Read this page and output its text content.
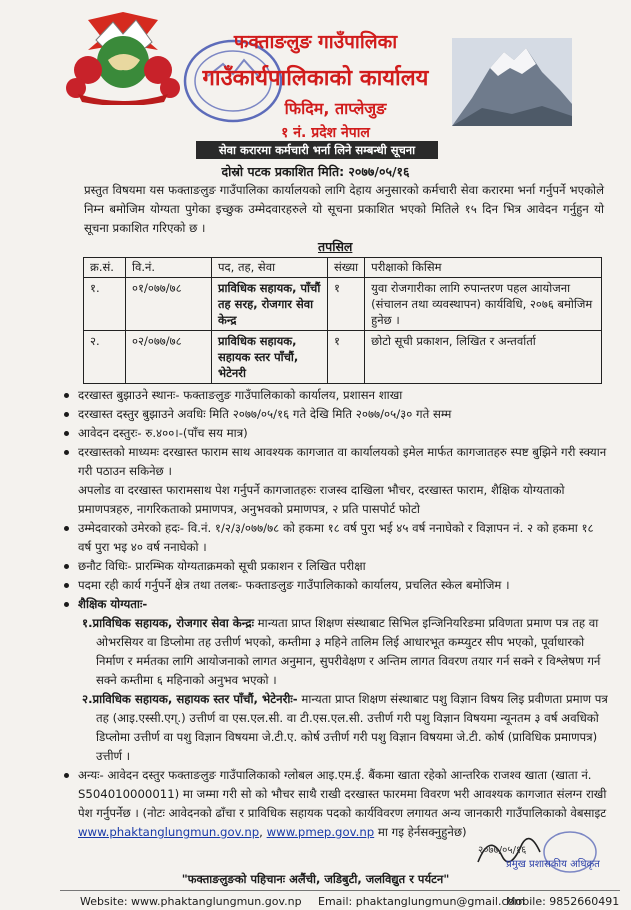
फक्ताङलुङ गाउँपालिका
गाउँकार्यपालिकाको कार्यालय
फिदिम, ताप्लेजुङ
१ नं. प्रदेश नेपाल
सेवा करारमा कर्मचारी भर्ना लिने सम्बन्धी सूचना
दोस्रो पटक प्रकाशित मिति: २०७७/०५/१६
प्रस्तुत विषयमा यस फक्ताङलुङ गाउँपालिका कार्यालयको लागि देहाय अनुसारको कर्मचारी सेवा करारमा भर्ना गर्नुपर्ने भएकोले निम्न बमोजिम योग्यता पुगेका इच्छुक उम्मेदवारहरुले यो सूचना प्रकाशित भएको मितिले १५ दिन भित्र आवेदन गर्नुहुन यो सूचना प्रकाशित गरिएको छ ।
तपसिल
क्र.सं.	वि.नं.	पद, तह, सेवा	संख्या	परीक्षाको किसिम
१.	०१/०७७/७८	प्राविधिक सहायक, पाँचौं तह सरह, रोजगार सेवा केन्द्र	१	युवा रोजगारीका लागि रुपान्तरण पहल आयोजना (संचालन तथा व्यवस्थापन) कार्यविधि, २०७६ बमोजिम हुनेछ ।
२.	०२/०७७/७८	प्राविधिक सहायक, सहायक स्तर पाँचौं, भेटेनरी	१	छोटो सूची प्रकाशन, लिखित र अन्तर्वार्ता
दरखास्त बुझाउने स्थानः- फक्ताङलुङ गाउँपालिकाको कार्यालय, प्रशासन शाखा
दरखास्त दस्तुर बुझाउने अवधिः मिति २०७७/०५/१६ गते देखि मिति २०७७/०५/३० गते सम्म
आवेदन दस्तुरः- रु.४००।-(पाँच सय मात्र)
दरखास्तको माध्यमः दरखास्त फाराम साथ आवश्यक कागजात वा कार्यालयको इमेल मार्फत कागजातहरु स्पष्ट बुझिने गरी स्क्यान गरी पठाउन सकिनेछ ।
अपलोड वा दरखास्त फारामसाथ पेश गर्नुपर्ने कागजातहरुः राजस्व दाखिला भौचर, दरखास्त फाराम, शैक्षिक योग्यताको प्रमाणपत्रहरु, नागरिकताको प्रमाणपत्र, अनुभवको प्रमाणपत्र, २ प्रति पासपोर्ट फोटो
उम्मेदवारको उमेरको हदः- वि.नं. १/२/३/०७७/७८ को हकमा १८ वर्ष पुरा भई ४५ वर्ष ननाघेको र विज्ञापन नं. २ को हकमा १८ वर्ष पुरा भइ ४० वर्ष ननाघेको ।
छनौट विधिः- प्रारम्भिक योग्यताक्रमको सूची प्रकाशन र लिखित परीक्षा
पदमा रही कार्य गर्नुपर्ने क्षेत्र तथा तलबः- फक्ताङलुङ गाउँपालिकाको कार्यालय, प्रचलित स्केल बमोजिम ।
शैक्षिक योग्यताः-
१.प्राविधिक सहायक, रोजगार सेवा केन्द्रः मान्यता प्राप्त शिक्षण संस्थाबाट सिभिल इन्जिनियरिङमा प्रविणता प्रमाण पत्र तह वा ओभरसियर वा डिप्लोमा तह उत्तीर्ण भएको, कम्तीमा ३ महिने तालिम लिई आधारभूत कम्प्युटर सीप भएको, पूर्वाधारको निर्माण र मर्मतका लागि आयोजनाको लागत अनुमान, सुपरीवेक्षण र अन्तिम लागत विवरण तयार गर्न सक्ने र विश्लेषण गर्न सक्ने कम्तीमा ६ महिनाको अनुभव भएको ।
२.प्राविधिक सहायक, सहायक स्तर पाँचौं, भेटेनरीः- मान्यता प्राप्त शिक्षण संस्थाबाट पशु विज्ञान विषय लिइ प्रवीणता प्रमाण पत्र तह (आइ.एस्सी.एग्.) उत्तीर्ण वा एस.एल.सी. वा टी.एस.एल.सी. उत्तीर्ण गरी पशु विज्ञान विषयमा न्यूनतम ३ वर्ष अवधिको डिप्लोमा उत्तीर्ण वा पशु विज्ञान विषयमा जे.टी.ए. कोर्ष उत्तीर्ण गरी पशु विज्ञान विषयमा जे.टी. कोर्ष (प्राविधिक प्रमाणपत्र) उत्तीर्ण ।
अन्यः- आवेदन दस्तुर फक्ताङलुङ गाउँपालिकाको ग्लोबल आइ.एम.ई. बैंकमा खाता रहेको आन्तरिक राजश्व खाता (खाता नं. S504010000011) मा जम्मा गरी सो को भौचर साथै राखी दरखास्त फारममा विवरण भरी आवश्यक कागजात संलग्न राखी पेश गर्नुपर्नेछ । (नोटः आवेदनको ढाँचा र प्राविधिक सहायक पदको कार्यविवरण लगायत अन्य जानकारी गाउँपालिकाको वेबसाइट www.phaktanglungmun.gov.np, www.pmep.gov.np मा गइ हेर्नसक्नुहुनेछ)
२०७७/०५/१६
प्रमुख प्रशासकीय अधिकृत
"फक्ताङलुङको पहिचानः अलैंची, जडिबुटी, जलविद्युत र पर्यटन"
Website: www.phaktanglungmun.gov.np Email: phaktanglungmun@gmail.com
Mobile: 9852660491
